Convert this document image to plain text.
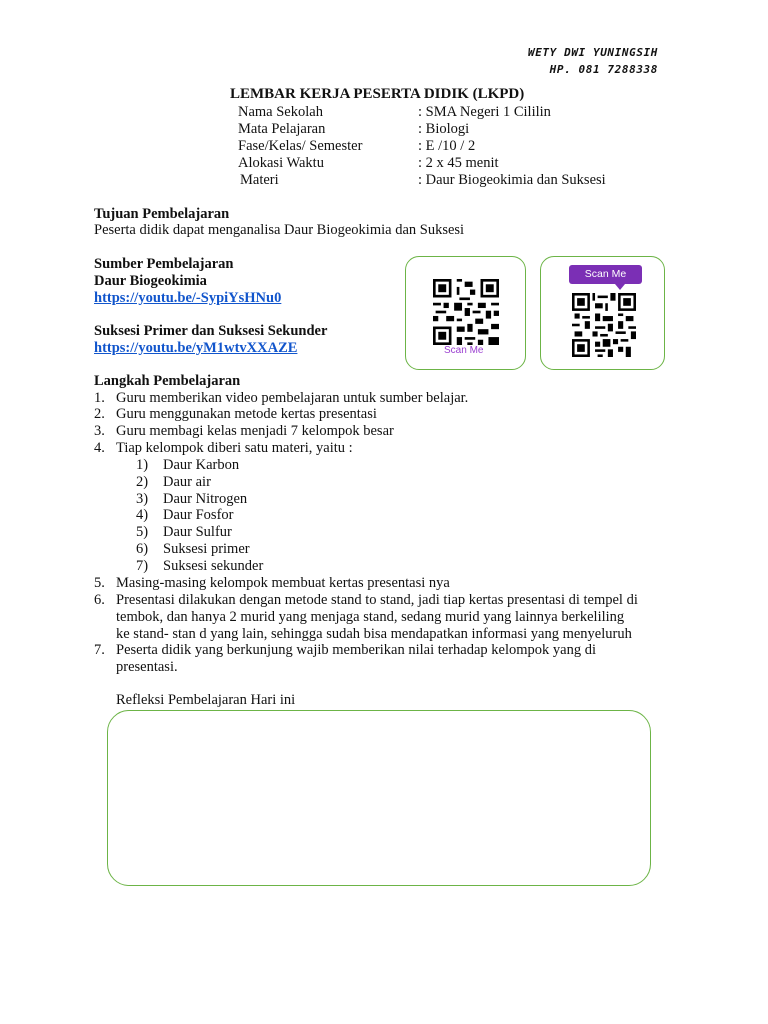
WETY DWI YUNINGSIH
HP. 081 7288338
LEMBAR KERJA PESERTA DIDIK (LKPD)
Nama Sekolah	: SMA Negeri 1 Cililin
Mata Pelajaran	: Biologi
Fase/Kelas/ Semester	: E /10 / 2
Alokasi Waktu	: 2 x 45 menit
Materi	: Daur Biogeokimia dan Suksesi
Tujuan Pembelajaran
Peserta didik dapat menganalisa Daur Biogeokimia dan Suksesi
Sumber Pembelajaran
Daur Biogeokimia
https://youtu.be/-SypiYsHNu0
Suksesi Primer dan Suksesi Sekunder
https://youtu.be/yM1wtvXXAZE	Scan Me
Scan Me
Langkah Pembelajaran
1. Guru memberikan video pembelajaran untuk sumber belajar.
2. Guru menggunakan metode kertas presentasi
3. Guru membagi kelas menjadi 7 kelompok besar
4. Tiap kelompok diberi satu materi, yaitu :
1) Daur Karbon
2) Daur air
3) Daur Nitrogen
4) Daur Fosfor
5) Daur Sulfur
6) Suksesi primer
7) Suksesi sekunder
5. Masing-masing kelompok membuat kertas presentasi nya
6. Presentasi dilakukan dengan metode stand to stand, jadi tiap kertas presentasi di tempel di
tembok, dan hanya 2 murid yang menjaga stand, sedang murid yang lainnya berkeliling
ke stand- stan d yang lain, sehingga sudah bisa mendapatkan informasi yang menyeluruh
7. Peserta didik yang berkunjung wajib memberikan nilai terhadap kelompok yang di
presentasi.
Refleksi Pembelajaran Hari ini
